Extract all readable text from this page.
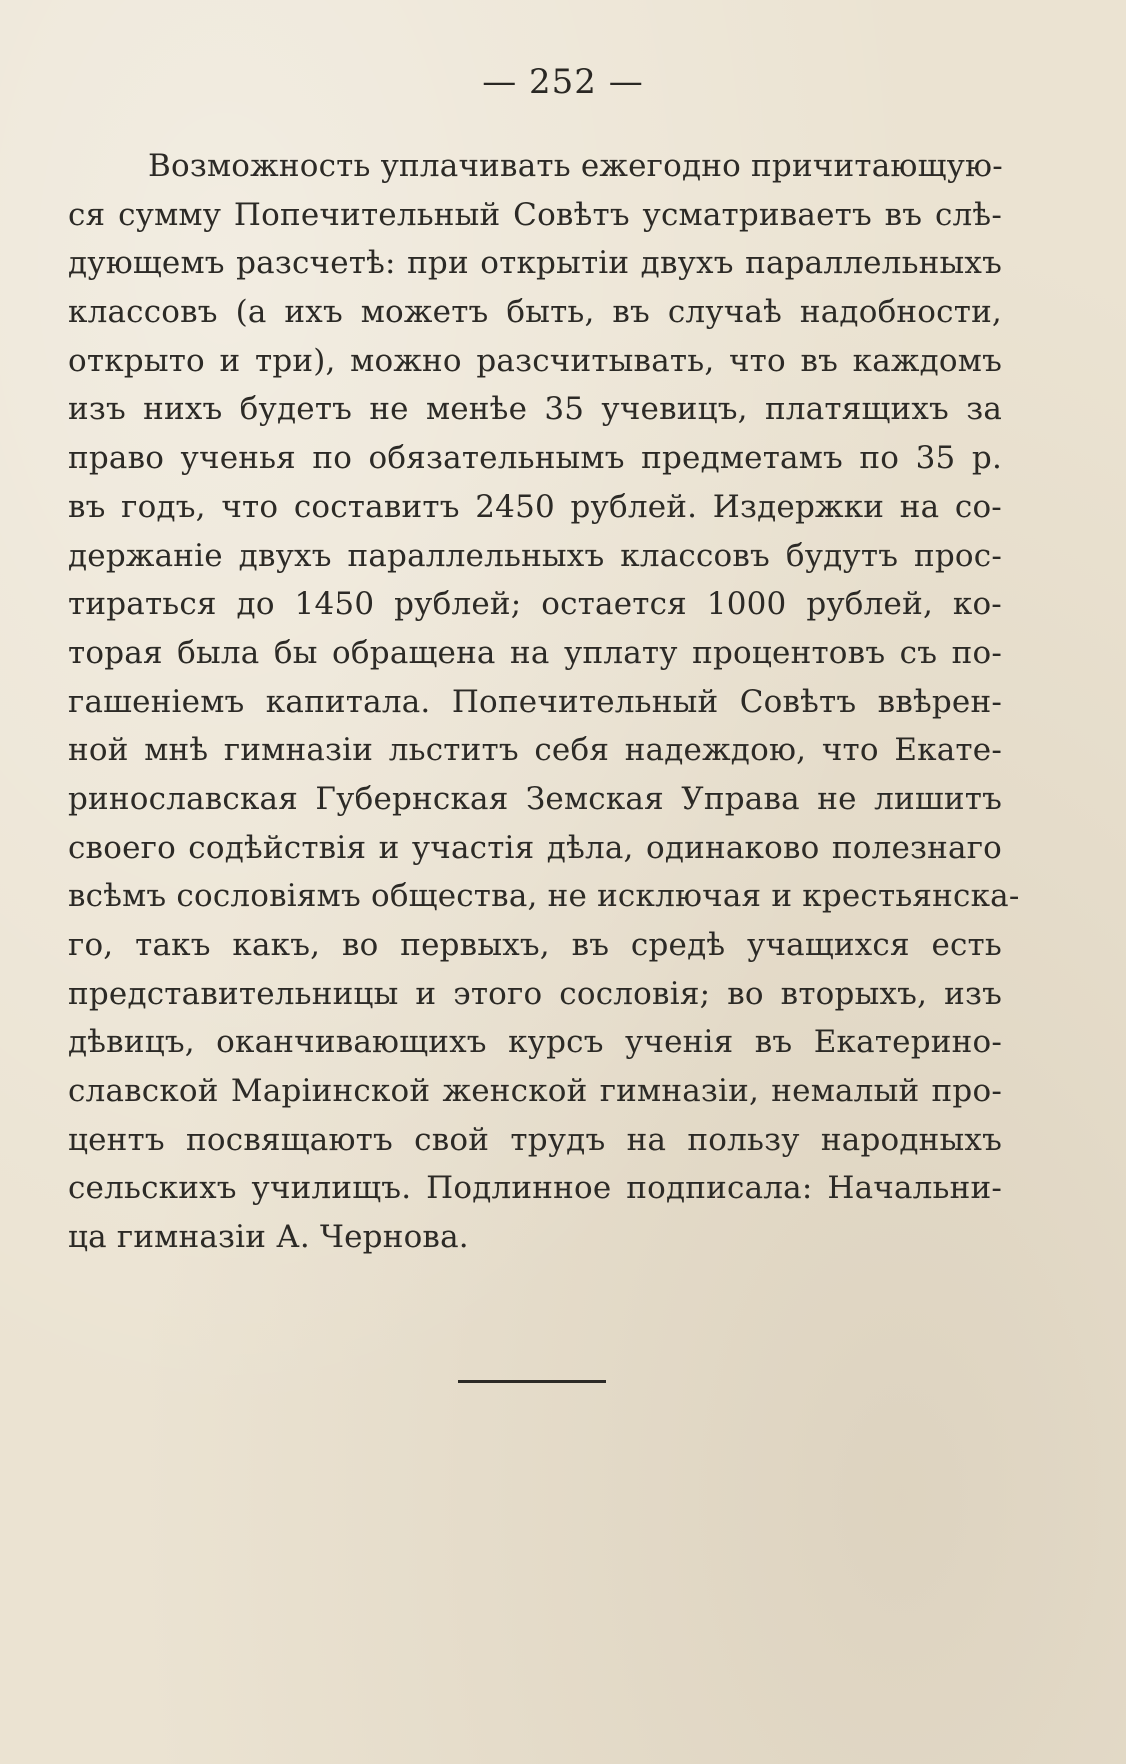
— 252 —
Возможность уплачивать ежегодно причитающую-
ся сумму Попечительный Совѣтъ усматриваетъ въ слѣ-
дующемъ разсчетѣ: при открытіи двухъ параллельныхъ
классовъ (а ихъ можетъ быть, въ случаѣ надобности,
открыто и три), можно разсчитывать, что въ каждомъ
изъ нихъ будетъ не менѣе 35 учевицъ, платящихъ за
право ученья по обязательнымъ предметамъ по 35 р.
въ годъ, что составитъ 2450 рублей. Издержки на со-
держаніе двухъ параллельныхъ классовъ будутъ прос-
тираться до 1450 рублей; остается 1000 рублей, ко-
торая была бы обращена на уплату процентовъ съ по-
гашеніемъ капитала. Попечительный Совѣтъ ввѣрен-
ной мнѣ гимназіи льститъ себя надеждою, что Екате-
ринославская Губернская Земская Управа не лишитъ
своего содѣйствія и участія дѣла, одинаково полезнаго
всѣмъ сословіямъ общества, не исключая и крестьянска-
го, такъ какъ, во первыхъ, въ средѣ учащихся есть
представительницы и этого сословія; во вторыхъ, изъ
дѣвицъ, оканчивающихъ курсъ ученія въ Екатерино-
славской Маріинской женской гимназіи, немалый про-
центъ посвящаютъ свой трудъ на пользу народныхъ
сельскихъ училищъ. Подлинное подписала: Начальни-
ца гимназіи А. Чернова.
